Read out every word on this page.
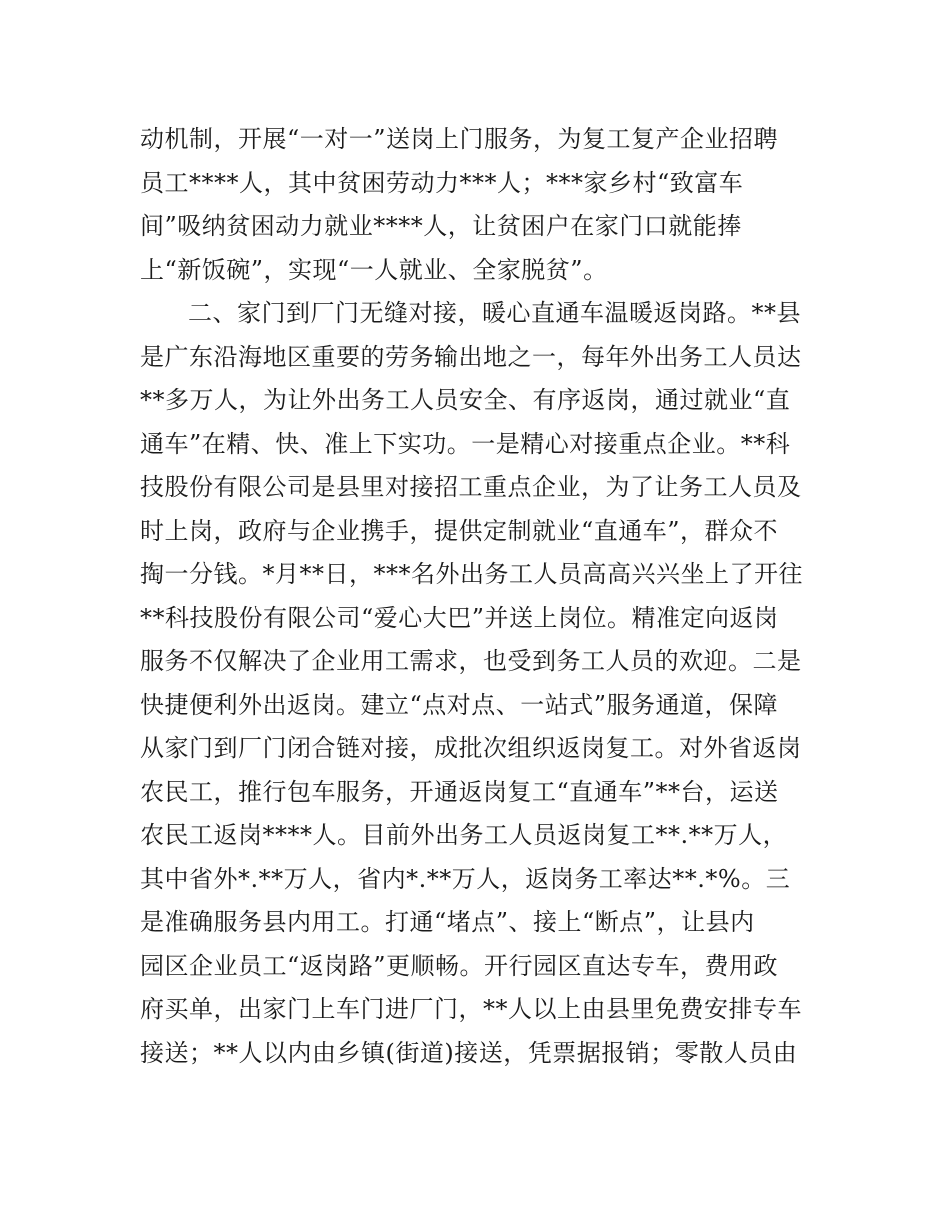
动机制，开展“一对一”送岗上门服务，为复工复产企业招聘
员工****人，其中贫困劳动力***人；***家乡村“致富车
间”吸纳贫困动力就业****人，让贫困户在家门口就能捧
上“新饭碗”，实现“一人就业、全家脱贫”。
二、家门到厂门无缝对接，暖心直通车温暖返岗路。**县
是广东沿海地区重要的劳务输出地之一，每年外出务工人员达
**多万人，为让外出务工人员安全、有序返岗，通过就业“直
通车”在精、快、准上下实功。一是精心对接重点企业。**科
技股份有限公司是县里对接招工重点企业，为了让务工人员及
时上岗，政府与企业携手，提供定制就业“直通车”，群众不
掏一分钱。*月**日，***名外出务工人员高高兴兴坐上了开往
**科技股份有限公司“爱心大巴”并送上岗位。精准定向返岗
服务不仅解决了企业用工需求，也受到务工人员的欢迎。二是
快捷便利外出返岗。建立“点对点、一站式”服务通道，保障
从家门到厂门闭合链对接，成批次组织返岗复工。对外省返岗
农民工，推行包车服务，开通返岗复工“直通车”**台，运送
农民工返岗****人。目前外出务工人员返岗复工**.**万人，
其中省外*.**万人，省内*.**万人，返岗务工率达**.*%。三
是准确服务县内用工。打通“堵点”、接上“断点”，让县内
园区企业员工“返岗路”更顺畅。开行园区直达专车，费用政
府买单，出家门上车门进厂门，**人以上由县里免费安排专车
接送；**人以内由乡镇(街道)接送，凭票据报销；零散人员由
